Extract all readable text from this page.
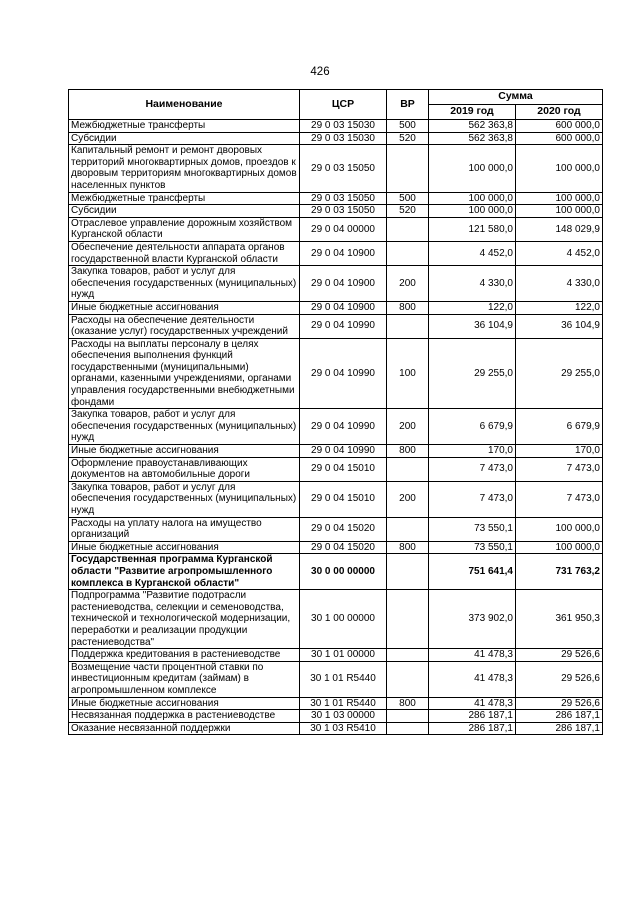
426
Наименование	ЦСР	ВР	Сумма	
			2019 год	2020 год
Межбюджетные трансферты	29 0 03 15030	500	562 363,8	600 000,0
Субсидии	29 0 03 15030	520	562 363,8	600 000,0
Капитальный ремонт и ремонт дворовых территорий многоквартирных домов, проездов к дворовым территориям многоквартирных домов населенных пунктов	29 0 03 15050		100 000,0	100 000,0
Межбюджетные трансферты	29 0 03 15050	500	100 000,0	100 000,0
Субсидии	29 0 03 15050	520	100 000,0	100 000,0
Отраслевое управление дорожным хозяйством Курганской области	29 0 04 00000		121 580,0	148 029,9
Обеспечение деятельности аппарата органов государственной власти Курганской области	29 0 04 10900		4 452,0	4 452,0
Закупка товаров, работ и услуг для обеспечения государственных (муниципальных) нужд	29 0 04 10900	200	4 330,0	4 330,0
Иные бюджетные ассигнования	29 0 04 10900	800	122,0	122,0
Расходы на обеспечение деятельности (оказание услуг) государственных учреждений	29 0 04 10990		36 104,9	36 104,9
Расходы на выплаты персоналу в целях обеспечения выполнения функций государственными (муниципальными) органами, казенными учреждениями, органами управления государственными внебюджетными фондами	29 0 04 10990	100	29 255,0	29 255,0
Закупка товаров, работ и услуг для обеспечения государственных (муниципальных) нужд	29 0 04 10990	200	6 679,9	6 679,9
Иные бюджетные ассигнования	29 0 04 10990	800	170,0	170,0
Оформление правоустанавливающих документов на автомобильные дороги	29 0 04 15010		7 473,0	7 473,0
Закупка товаров, работ и услуг для обеспечения государственных (муниципальных) нужд	29 0 04 15010	200	7 473,0	7 473,0
Расходы на уплату налога на имущество организаций	29 0 04 15020		73 550,1	100 000,0
Иные бюджетные ассигнования	29 0 04 15020	800	73 550,1	100 000,0
Государственная программа Курганской области "Развитие агропромышленного комплекса в Курганской области"	30 0 00 00000		751 641,4	731 763,2
Подпрограмма "Развитие подотрасли растениеводства, селекции и семеноводства, технической и технологической модернизации, переработки и реализации продукции растениеводства"	30 1 00 00000		373 902,0	361 950,3
Поддержка кредитования в растениеводстве	30 1 01 00000		41 478,3	29 526,6
Возмещение части процентной ставки по инвестиционным кредитам (займам) в агропромышленном комплексе	30 1 01 R5440		41 478,3	29 526,6
Иные бюджетные ассигнования	30 1 01 R5440	800	41 478,3	29 526,6
Несвязанная поддержка в растениеводстве	30 1 03 00000		286 187,1	286 187,1
Оказание несвязанной поддержки	30 1 03 R5410		286 187,1	286 187,1
